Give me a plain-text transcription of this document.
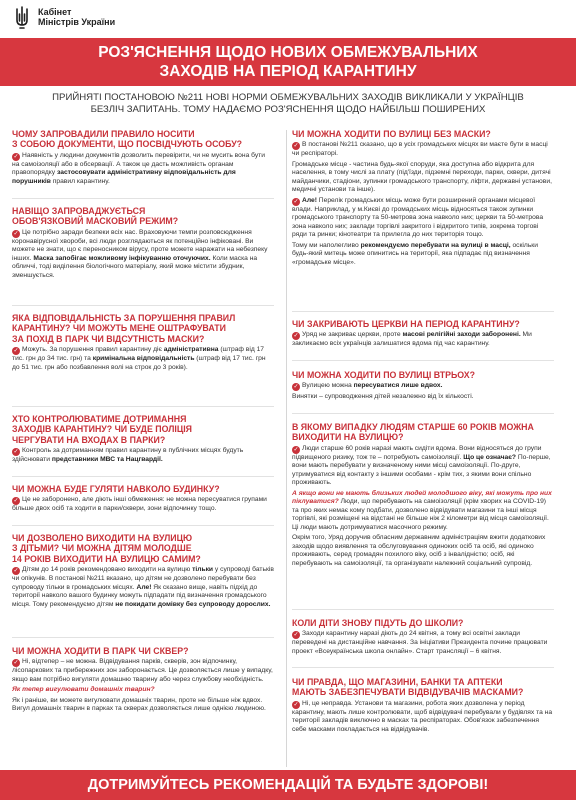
Кабінет
Міністрів України
РОЗ'ЯСНЕННЯ ЩОДО НОВИХ ОБМЕЖУВАЛЬНИХ
ЗАХОДІВ НА ПЕРІОД КАРАНТИНУ
ПРИЙНЯТІ ПОСТАНОВОЮ №211 НОВІ НОРМИ ОБМЕЖУВАЛЬНИХ ЗАХОДІВ ВИКЛИКАЛИ У УКРАЇНЦІВ
БЕЗЛІЧ ЗАПИТАНЬ. ТОМУ НАДАЄМО РОЗ'ЯСНЕННЯ ЩОДО НАЙБІЛЬШ ПОШИРЕНИХ
ЧОМУ ЗАПРОВАДИЛИ ПРАВИЛО НОСИТИ
З СОБОЮ ДОКУМЕНТИ, ЩО ПОСВІДЧУЮТЬ ОСОБУ?
✓ Наявність у людини документів дозволить перевірити, чи не мусить вона бути на самоізоляції або в обсервації. А також це дасть можливість органам правопорядку застосовувати адміністративну відповідальність для порушників правил карантину.
НАВІЩО ЗАПРОВАДЖУЄТЬСЯ
ОБОВ'ЯЗКОВИЙ МАСКОВИЙ РЕЖИМ?
✓ Це потрібно заради безпеки всіх нас. Враховуючи темпи розповсюдження коронавірусної хвороби, всі люди розглядаються як потенційно інфіковані. Ви можете не знати, що є переносником вірусу, проте можете наражати на небезпеку інших. Маска запобігає можливому інфікуванню оточуючих. Коли маска на обличчі, тоді виділення біологічного матеріалу, який може містити збудник, зменшується.
ЯКА ВІДПОВІДАЛЬНІСТЬ ЗА ПОРУШЕННЯ ПРАВИЛ
КАРАНТИНУ? ЧИ МОЖУТЬ МЕНЕ ОШТРАФУВАТИ
ЗА ПОХІД В ПАРК ЧИ ВІДСУТНІСТЬ МАСКИ?
✓ Можуть. За порушення правил карантину діє адміністративна (штраф від 17 тис. грн до 34 тис. грн) та кримінальна відповідальність (штраф від 17 тис. грн до 51 тис. грн або позбавлення волі на строк до 3 років).
ХТО КОНТРОЛЮВАТИМЕ ДОТРИМАННЯ
ЗАХОДІВ КАРАНТИНУ? ЧИ БУДЕ ПОЛІЦІЯ
ЧЕРГУВАТИ НА ВХОДАХ В ПАРКИ?
✓ Контроль за дотриманням правил карантину в публічних місцях будуть здійснювати представники МВС та Нацгвардії.
ЧИ МОЖНА БУДЕ ГУЛЯТИ НАВКОЛО БУДИНКУ?
✓ Це не заборонено, але діють інші обмеження: не можна пересуватися групами більше двох осіб та ходити в парки/сквери, зони відпочинку тощо.
ЧИ ДОЗВОЛЕНО ВИХОДИТИ НА ВУЛИЦЮ
З ДІТЬМИ? ЧИ МОЖНА ДІТЯМ МОЛОДШЕ
14 РОКІВ ВИХОДИТИ НА ВУЛИЦЮ САМИМ?
✓ Дітям до 14 років рекомендовано виходити на вулицю тільки у супроводі батьків чи опікунів. В постанові №211 вказано, що дітям не дозволено перебувати без супроводу тільки в громадських місцях. Але! Як сказано вище, навіть підхід до території навколо вашого будинку можуть підпадати під визначення громадського місця. Тому рекомендуємо дітям не покидати домівку без супроводу дорослих.
ЧИ МОЖНА ХОДИТИ В ПАРК ЧИ СКВЕР?
✓ Ні, відтепер – не можна. Відвідування парків, скверів, зон відпочинку, лісопаркових та прибережних зон заборонається. Це дозволяється лише у випадку, якщо вам потрібно вигуляти домашню тварину або через службову необхідність.
Як тепер вигулювати домашніх тварин?
Як і раніше, ви можете вигулювати домашніх тварин, проте не більше ніж вдвох. Вигул домашніх тварин в парках та скверах дозволяється лише однією людиною.
ЧИ МОЖНА ХОДИТИ ПО ВУЛИЦІ БЕЗ МАСКИ?
✓ В постанові №211 сказано, що в усіх громадських місцях ви маєте бути в масці чи респіраторі.
Громадське місце - частина будь-якої споруди, яка доступна або відкрита для населення, в тому числі за плату (під'їзди, підземні переходи, парки, сквери, дитячі майданчики, стадіони, зупинки громадського транспорту, ліфти, державні установи, медичні установи та інше).
✓ Але! Перелік громадських місць може бути розширений органами місцевої влади. Наприклад, у м.Києві до громадських місць відносяться також зупинки громадського транспорту та 50-метрова зона навколо них; церкви та 50-метрова зона навколо них; заклади торгівлі закритого і відкритого типів, зокрема торгові ряди та ринки; кінотеатри та прилегла до них територія тощо.
Тому ми наполегливо рекомендуємо перебувати на вулиці в масці, оскільки будь-який митець може опинитись на території, яка підпадає під визначення «громадське місце».
ЧИ ЗАКРИВАЮТЬ ЦЕРКВИ НА ПЕРІОД КАРАНТИНУ?
✓ Уряд не закриває церкви, проте масові релігійні заходи заборонені. Ми закликаємо всіх українців залишатися вдома під час карантину.
ЧИ МОЖНА ХОДИТИ ПО ВУЛИЦІ ВТРЬОХ?
✓ Вулицею можна пересуватися лише вдвох.
Винятки – супроводження дітей незалежно від їх кількості.
В ЯКОМУ ВИПАДКУ ЛЮДЯМ СТАРШЕ 60 РОКІВ МОЖНА
ВИХОДИТИ НА ВУЛИЦЮ?
✓ Люди старше 60 років наразі мають сидіти вдома. Вони відносяться до групи підвищеного ризику, тож те – потребують самоізоляції. Що це означає? По-перше, вони мають перебувати у визначеному ними місці самоізоляції. По-друге, утримуватися від контакту з іншими особами - крім тих, з якими вони спільно проживають.
А якщо вони не мають близьких людей молодшого віку, які можуть про них піклуватися? Люди, що перебувають на самоізоляції (крім хворих на COVID-19) та про яких немає кому подбати, дозволено відвідувати магазини та інші місця торгівлі, які розміщені на відстані не більше ніж 2 кілометри від місця самоізоляції. Ці люди мають дотримуватися масочного режиму.
Окрім того, Уряд доручив обласним державним адміністраціям вжити додаткових заходів щодо виявлення та обслуговування одиноких осіб та осіб, які одиноко проживають, серед громадян похилого віку, осіб з інвалідністю; осіб, які перебувають на самоізоляції, та організувати належний соціальний супровід.
КОЛИ ДІТИ ЗНОВУ ПІДУТЬ ДО ШКОЛИ?
✓ Заходи карантину наразі діють до 24 квітня, а тому всі освітні заклади переведені на дистанційне навчання. За ініціативи Президента почине працювати проект «Всеукраїнська школа онлайн». Старт трансляції – 6 квітня.
ЧИ ПРАВДА, ЩО МАГАЗИНИ, БАНКИ ТА АПТЕКИ
МАЮТЬ ЗАБЕЗПЕЧУВАТИ ВІДВІДУВАЧІВ МАСКАМИ?
✓ Ні, це неправда. Установи та магазини, робота яких дозволена у період карантину, мають лише контролювати, щоб відвідувачі перебували у будівлях та на території закладів виключно в масках та респіраторах. Обов'язок забезпечення себе масками покладається на відвідувачів.
ДОТРИМУЙТЕСЬ РЕКОМЕНДАЦІЙ ТА БУДЬТЕ ЗДОРОВІ!
